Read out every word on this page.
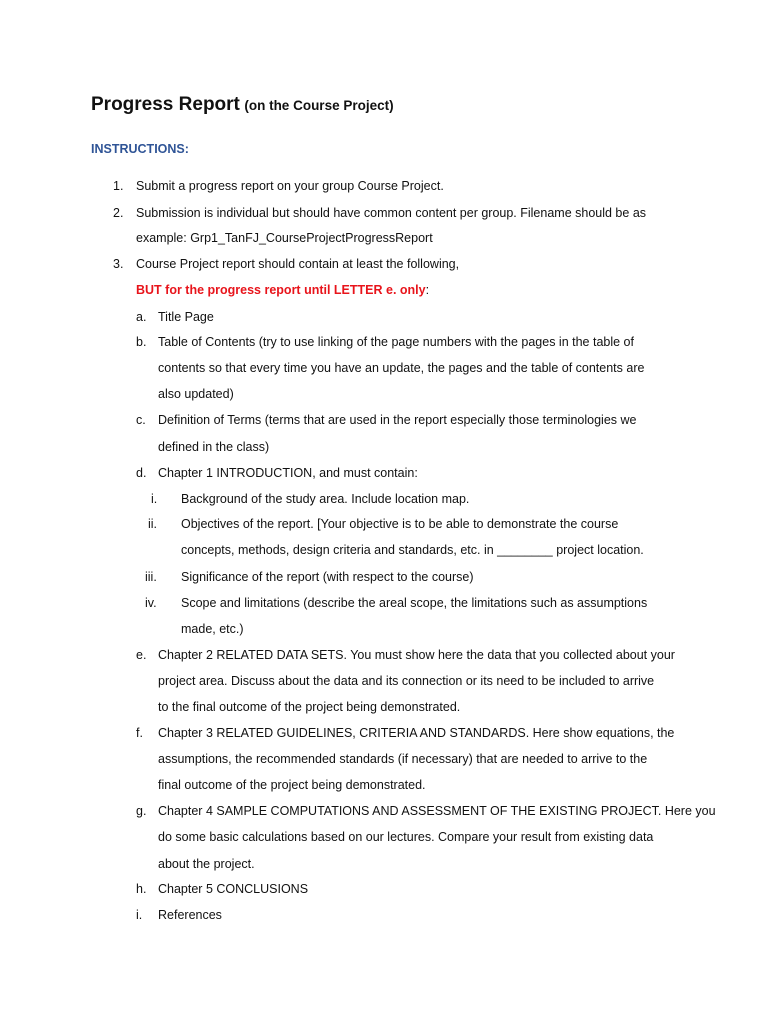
Progress Report (on the Course Project)
INSTRUCTIONS:
1. Submit a progress report on your group Course Project.
2. Submission is individual but should have common content per group. Filename should be as
example: Grp1_TanFJ_CourseProjectProgressReport
3. Course Project report should contain at least the following,
BUT for the progress report until LETTER e. only:
a. Title Page
b. Table of Contents (try to use linking of the page numbers with the pages in the table of
contents so that every time you have an update, the pages and the table of contents are
also updated)
c. Definition of Terms (terms that are used in the report especially those terminologies we
defined in the class)
d. Chapter 1 INTRODUCTION, and must contain:
i. Background of the study area. Include location map.
ii. Objectives of the report. [Your objective is to be able to demonstrate the course
concepts, methods, design criteria and standards, etc. in ________ project location.
iii. Significance of the report (with respect to the course)
iv. Scope and limitations (describe the areal scope, the limitations such as assumptions
made, etc.)
e. Chapter 2 RELATED DATA SETS. You must show here the data that you collected about your
project area. Discuss about the data and its connection or its need to be included to arrive
to the final outcome of the project being demonstrated.
f. Chapter 3 RELATED GUIDELINES, CRITERIA AND STANDARDS. Here show equations, the
assumptions, the recommended standards (if necessary) that are needed to arrive to the
final outcome of the project being demonstrated.
g. Chapter 4 SAMPLE COMPUTATIONS AND ASSESSMENT OF THE EXISTING PROJECT. Here you
do some basic calculations based on our lectures. Compare your result from existing data
about the project.
h. Chapter 5 CONCLUSIONS
i. References
